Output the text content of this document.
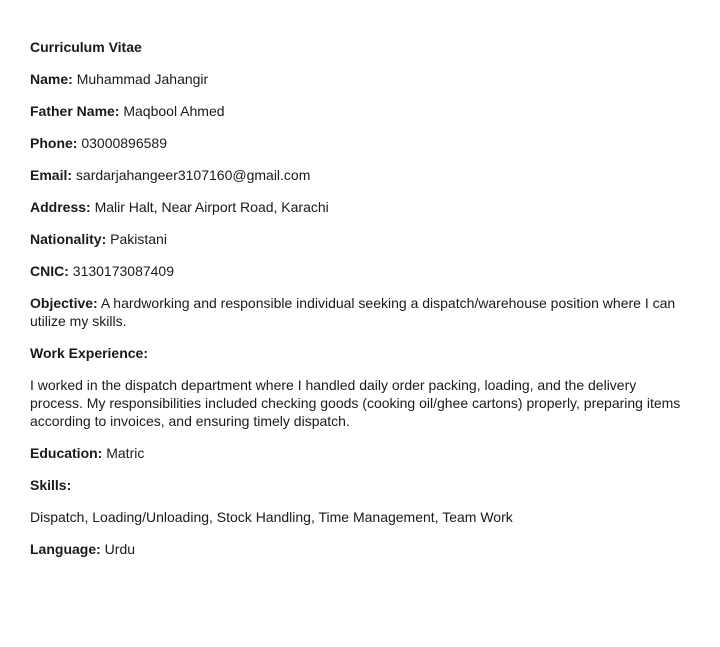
Curriculum Vitae
Name: Muhammad Jahangir
Father Name: Maqbool Ahmed
Phone: 03000896589
Email: sardarjahangeer3107160@gmail.com
Address: Malir Halt, Near Airport Road, Karachi
Nationality: Pakistani
CNIC: 3130173087409
Objective: A hardworking and responsible individual seeking a dispatch/warehouse position where I can utilize my skills.
Work Experience:
I worked in the dispatch department where I handled daily order packing, loading, and the delivery process. My responsibilities included checking goods (cooking oil/ghee cartons) properly, preparing items according to invoices, and ensuring timely dispatch.
Education: Matric
Skills:
Dispatch, Loading/Unloading, Stock Handling, Time Management, Team Work
Language: Urdu
